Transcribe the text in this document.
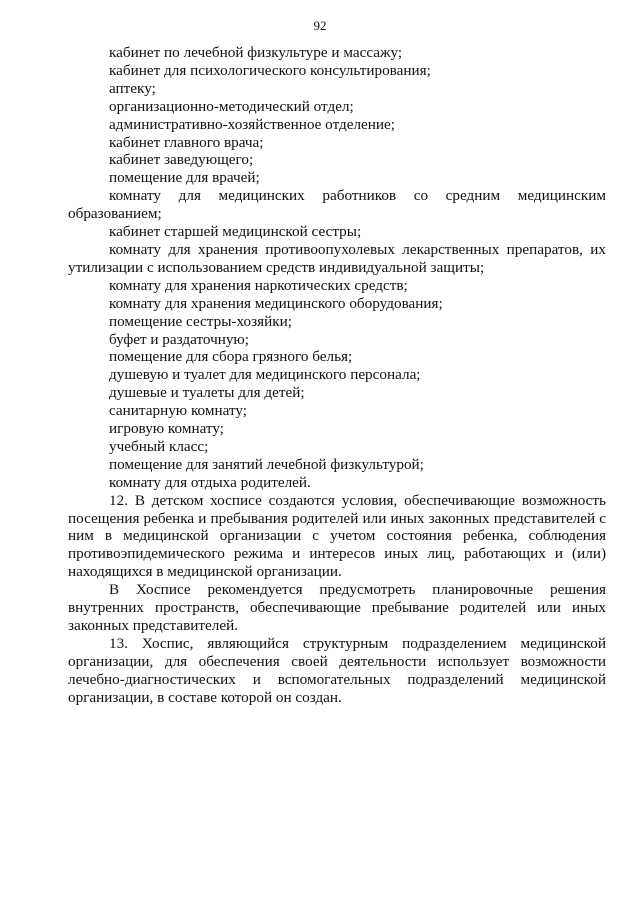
92

кабинет по лечебной физкультуре и массажу;

кабинет для психологического консультирования;

аптеку;

организационно-методический отдел;

административно-хозяйственное отделение;

кабинет главного врача;

кабинет заведующего;

помещение для врачей;

комнату для медицинских работников со средним медицинским образованием;

кабинет старшей медицинской сестры;

комнату для хранения противоопухолевых лекарственных препаратов, их утилизации с использованием средств индивидуальной защиты;

комнату для хранения наркотических средств;

комнату для хранения медицинского оборудования;

помещение сестры-хозяйки;

буфет и раздаточную;

помещение для сбора грязного белья;

душевую и туалет для медицинского персонала;

душевые и туалеты для детей;

санитарную комнату;

игровую комнату;

учебный класс;

помещение для занятий лечебной физкультурой;

комнату для отдыха родителей.

12. В детском хосписе создаются условия, обеспечивающие возможность посещения ребенка и пребывания родителей или иных законных представителей с ним в медицинской организации с учетом состояния ребенка, соблюдения противоэпидемического режима и интересов иных лиц, работающих и (или) находящихся в медицинской организации.

В Хосписе рекомендуется предусмотреть планировочные решения внутренних пространств, обеспечивающие пребывание родителей или иных законных представителей.

13. Хоспис, являющийся структурным подразделением медицинской организации, для обеспечения своей деятельности использует возможности лечебно-диагностических и вспомогательных подразделений медицинской организации, в составе которой он создан.
